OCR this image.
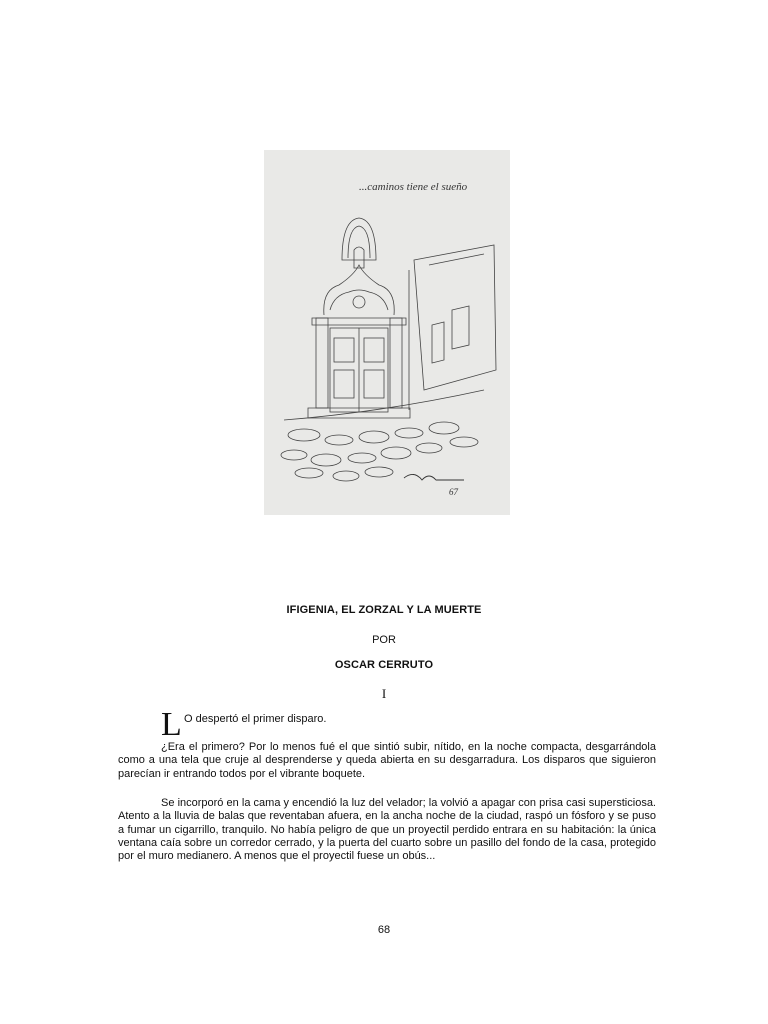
...caminos tiene el sueño
67
IFIGENIA, EL ZORZAL Y LA MUERTE
POR
OSCAR CERRUTO
I
L O despertó el primer disparo.

¿Era el primero? Por lo menos fué el que sintió subir, nítido, en la noche compacta, desgarrándola como a una tela que cruje al desprenderse y queda abierta en su desgarradura. Los disparos que siguieron parecían ir entrando todos por el vibrante boquete.

Se incorporó en la cama y encendió la luz del velador; la volvió a apagar con prisa casi supersticiosa. Atento a la lluvia de balas que reventaban afuera, en la ancha noche de la ciudad, raspó un fósforo y se puso a fumar un cigarrillo, tranquilo. No había peligro de que un proyectil perdido entrara en su habitación: la única ventana caía sobre un corredor cerrado, y la puerta del cuarto sobre un pasillo del fondo de la casa, protegido por el muro medianero. A menos que el proyectil fuese un obús...

68
